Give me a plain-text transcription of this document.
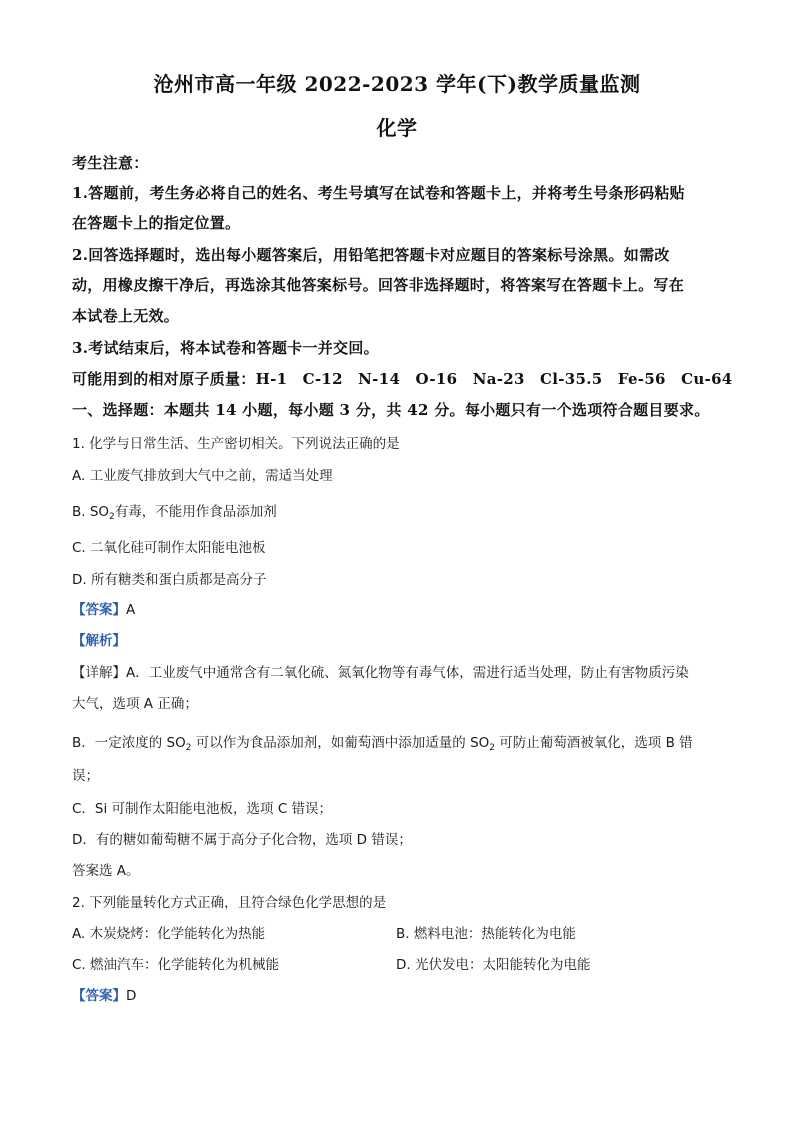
沧州市高一年级 2022-2023 学年(下)教学质量监测
化学
考生注意：
1.答题前，考生务必将自己的姓名、考生号填写在试卷和答题卡上，并将考生号条形码粘贴
在答题卡上的指定位置。
2.回答选择题时，选出每小题答案后，用铅笔把答题卡对应题目的答案标号涂黑。如需改
动，用橡皮擦干净后，再选涂其他答案标号。回答非选择题时，将答案写在答题卡上。写在
本试卷上无效。
3.考试结束后，将本试卷和答题卡一并交回。
可能用到的相对原子质量：H-1　C-12　N-14　O-16　Na-23　Cl-35.5　Fe-56　Cu-64
一、选择题：本题共 14 小题，每小题 3 分，共 42 分。每小题只有一个选项符合题目要求。
1. 化学与日常生活、生产密切相关。下列说法正确的是
A. 工业废气排放到大气中之前，需适当处理
B. $SO_2$有毒，不能用作食品添加剂
C. 二氧化硅可制作太阳能电池板
D. 所有糖类和蛋白质都是高分子
【答案】A
【解析】
【详解】A．工业废气中通常含有二氧化硫、氮氧化物等有毒气体，需进行适当处理，防止有害物质污染
大气，选项 A 正确；
B．一定浓度的 $SO_2$ 可以作为食品添加剂，如葡萄酒中添加适量的 $SO_2$ 可防止葡萄酒被氧化，选项 B 错
误；
C．Si 可制作太阳能电池板，选项 C 错误；
D．有的糖如葡萄糖不属于高分子化合物，选项 D 错误；
答案选 A。
2. 下列能量转化方式正确，且符合绿色化学思想的是
A. 木炭烧烤：化学能转化为热能	B. 燃料电池：热能转化为电能
C. 燃油汽车：化学能转化为机械能	D. 光伏发电：太阳能转化为电能
【答案】D
